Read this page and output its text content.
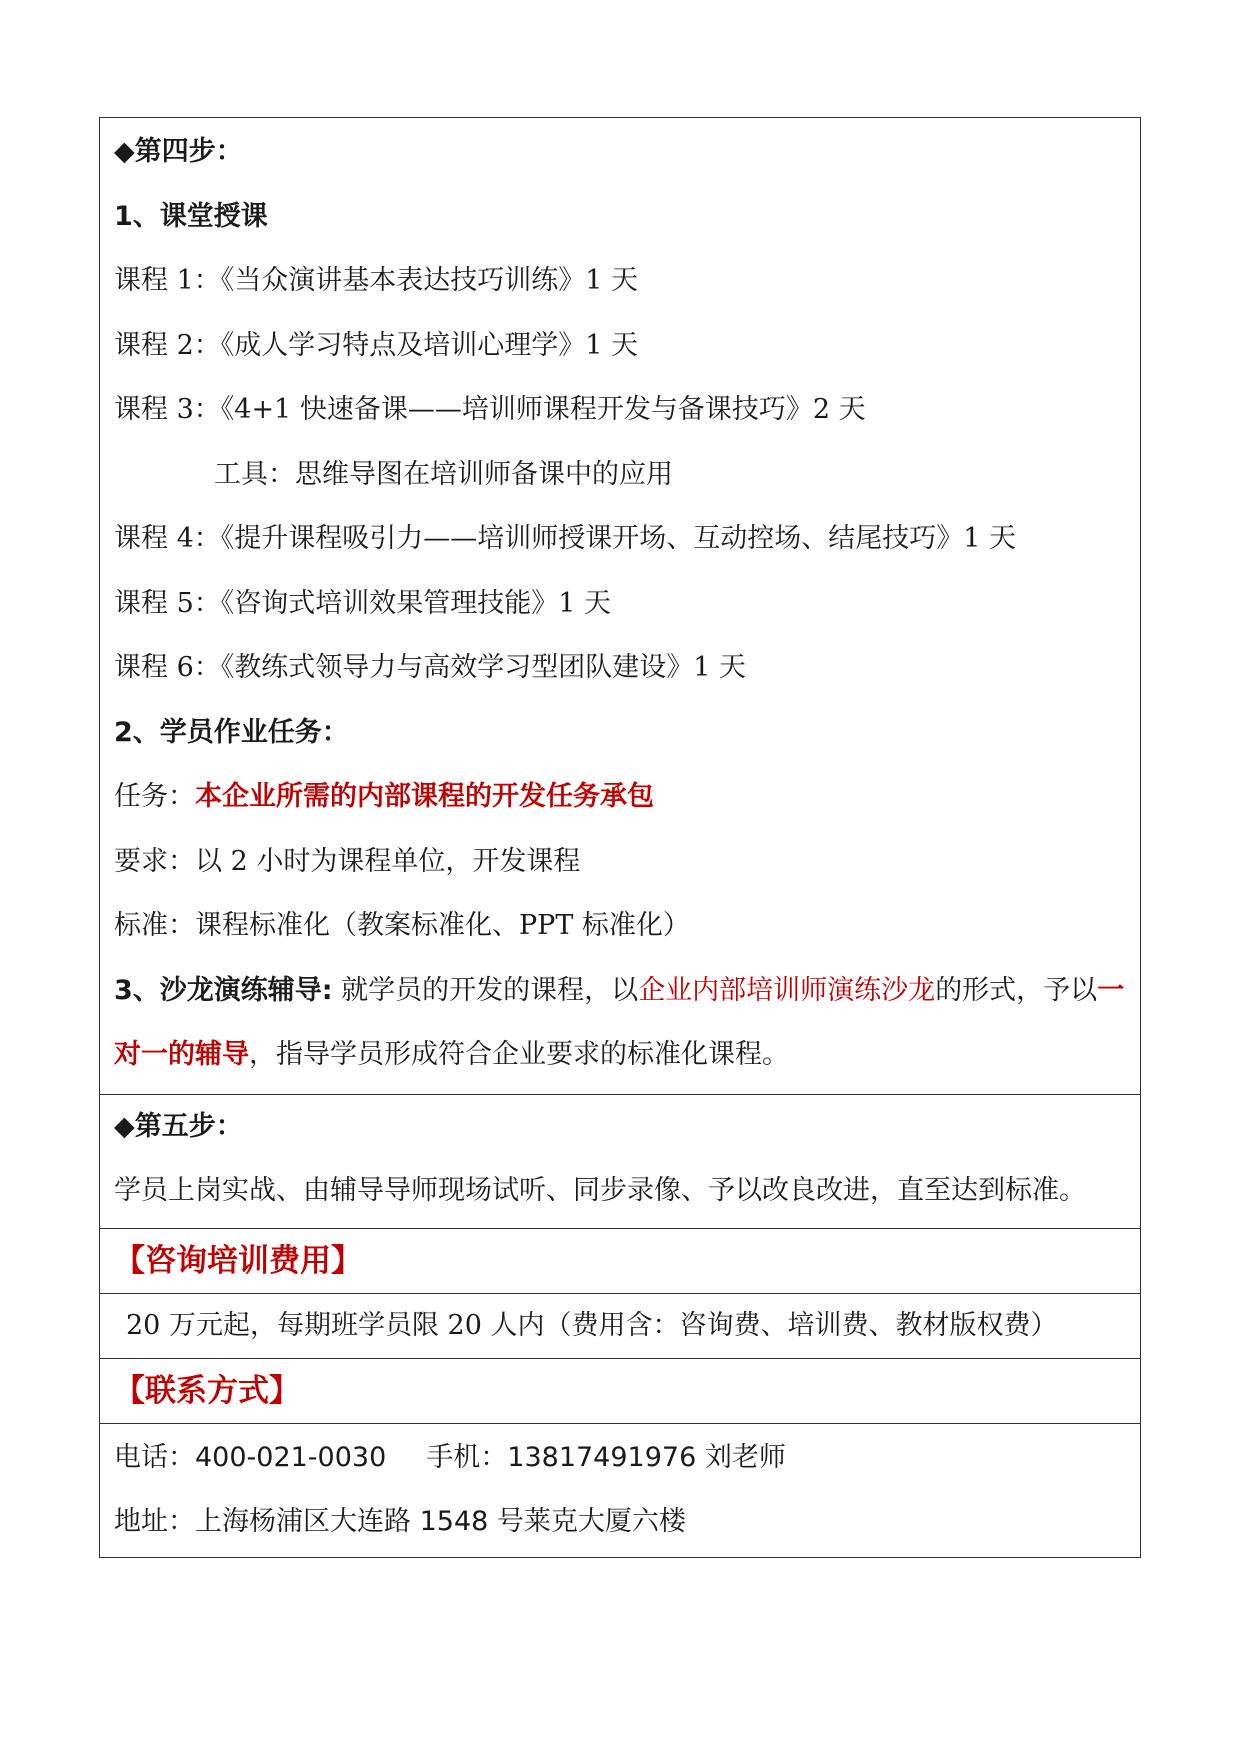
◆第四步：
1、课堂授课
课程 1：《当众演讲基本表达技巧训练》1 天
课程 2：《成人学习特点及培训心理学》1 天
课程 3：《4+1 快速备课——培训师课程开发与备课技巧》2 天
工具：思维导图在培训师备课中的应用
课程 4：《提升课程吸引力——培训师授课开场、互动控场、结尾技巧》1 天
课程 5：《咨询式培训效果管理技能》1 天
课程 6：《教练式领导力与高效学习型团队建设》1 天
2、学员作业任务：
任务：本企业所需的内部课程的开发任务承包
要求：以 2 小时为课程单位，开发课程
标准：课程标准化（教案标准化、PPT 标准化）
3、沙龙演练辅导: 就学员的开发的课程，以企业内部培训师演练沙龙的形式，予以一对一的辅导，指导学员形成符合企业要求的标准化课程。
◆第五步：
学员上岗实战、由辅导导师现场试听、同步录像、予以改良改进，直至达到标准。
【咨询培训费用】
20 万元起，每期班学员限 20 人内（费用含：咨询费、培训费、教材版权费）
【联系方式】
电话：400-021-0030 手机：13817491976 刘老师
地址：上海杨浦区大连路 1548 号莱克大厦六楼
